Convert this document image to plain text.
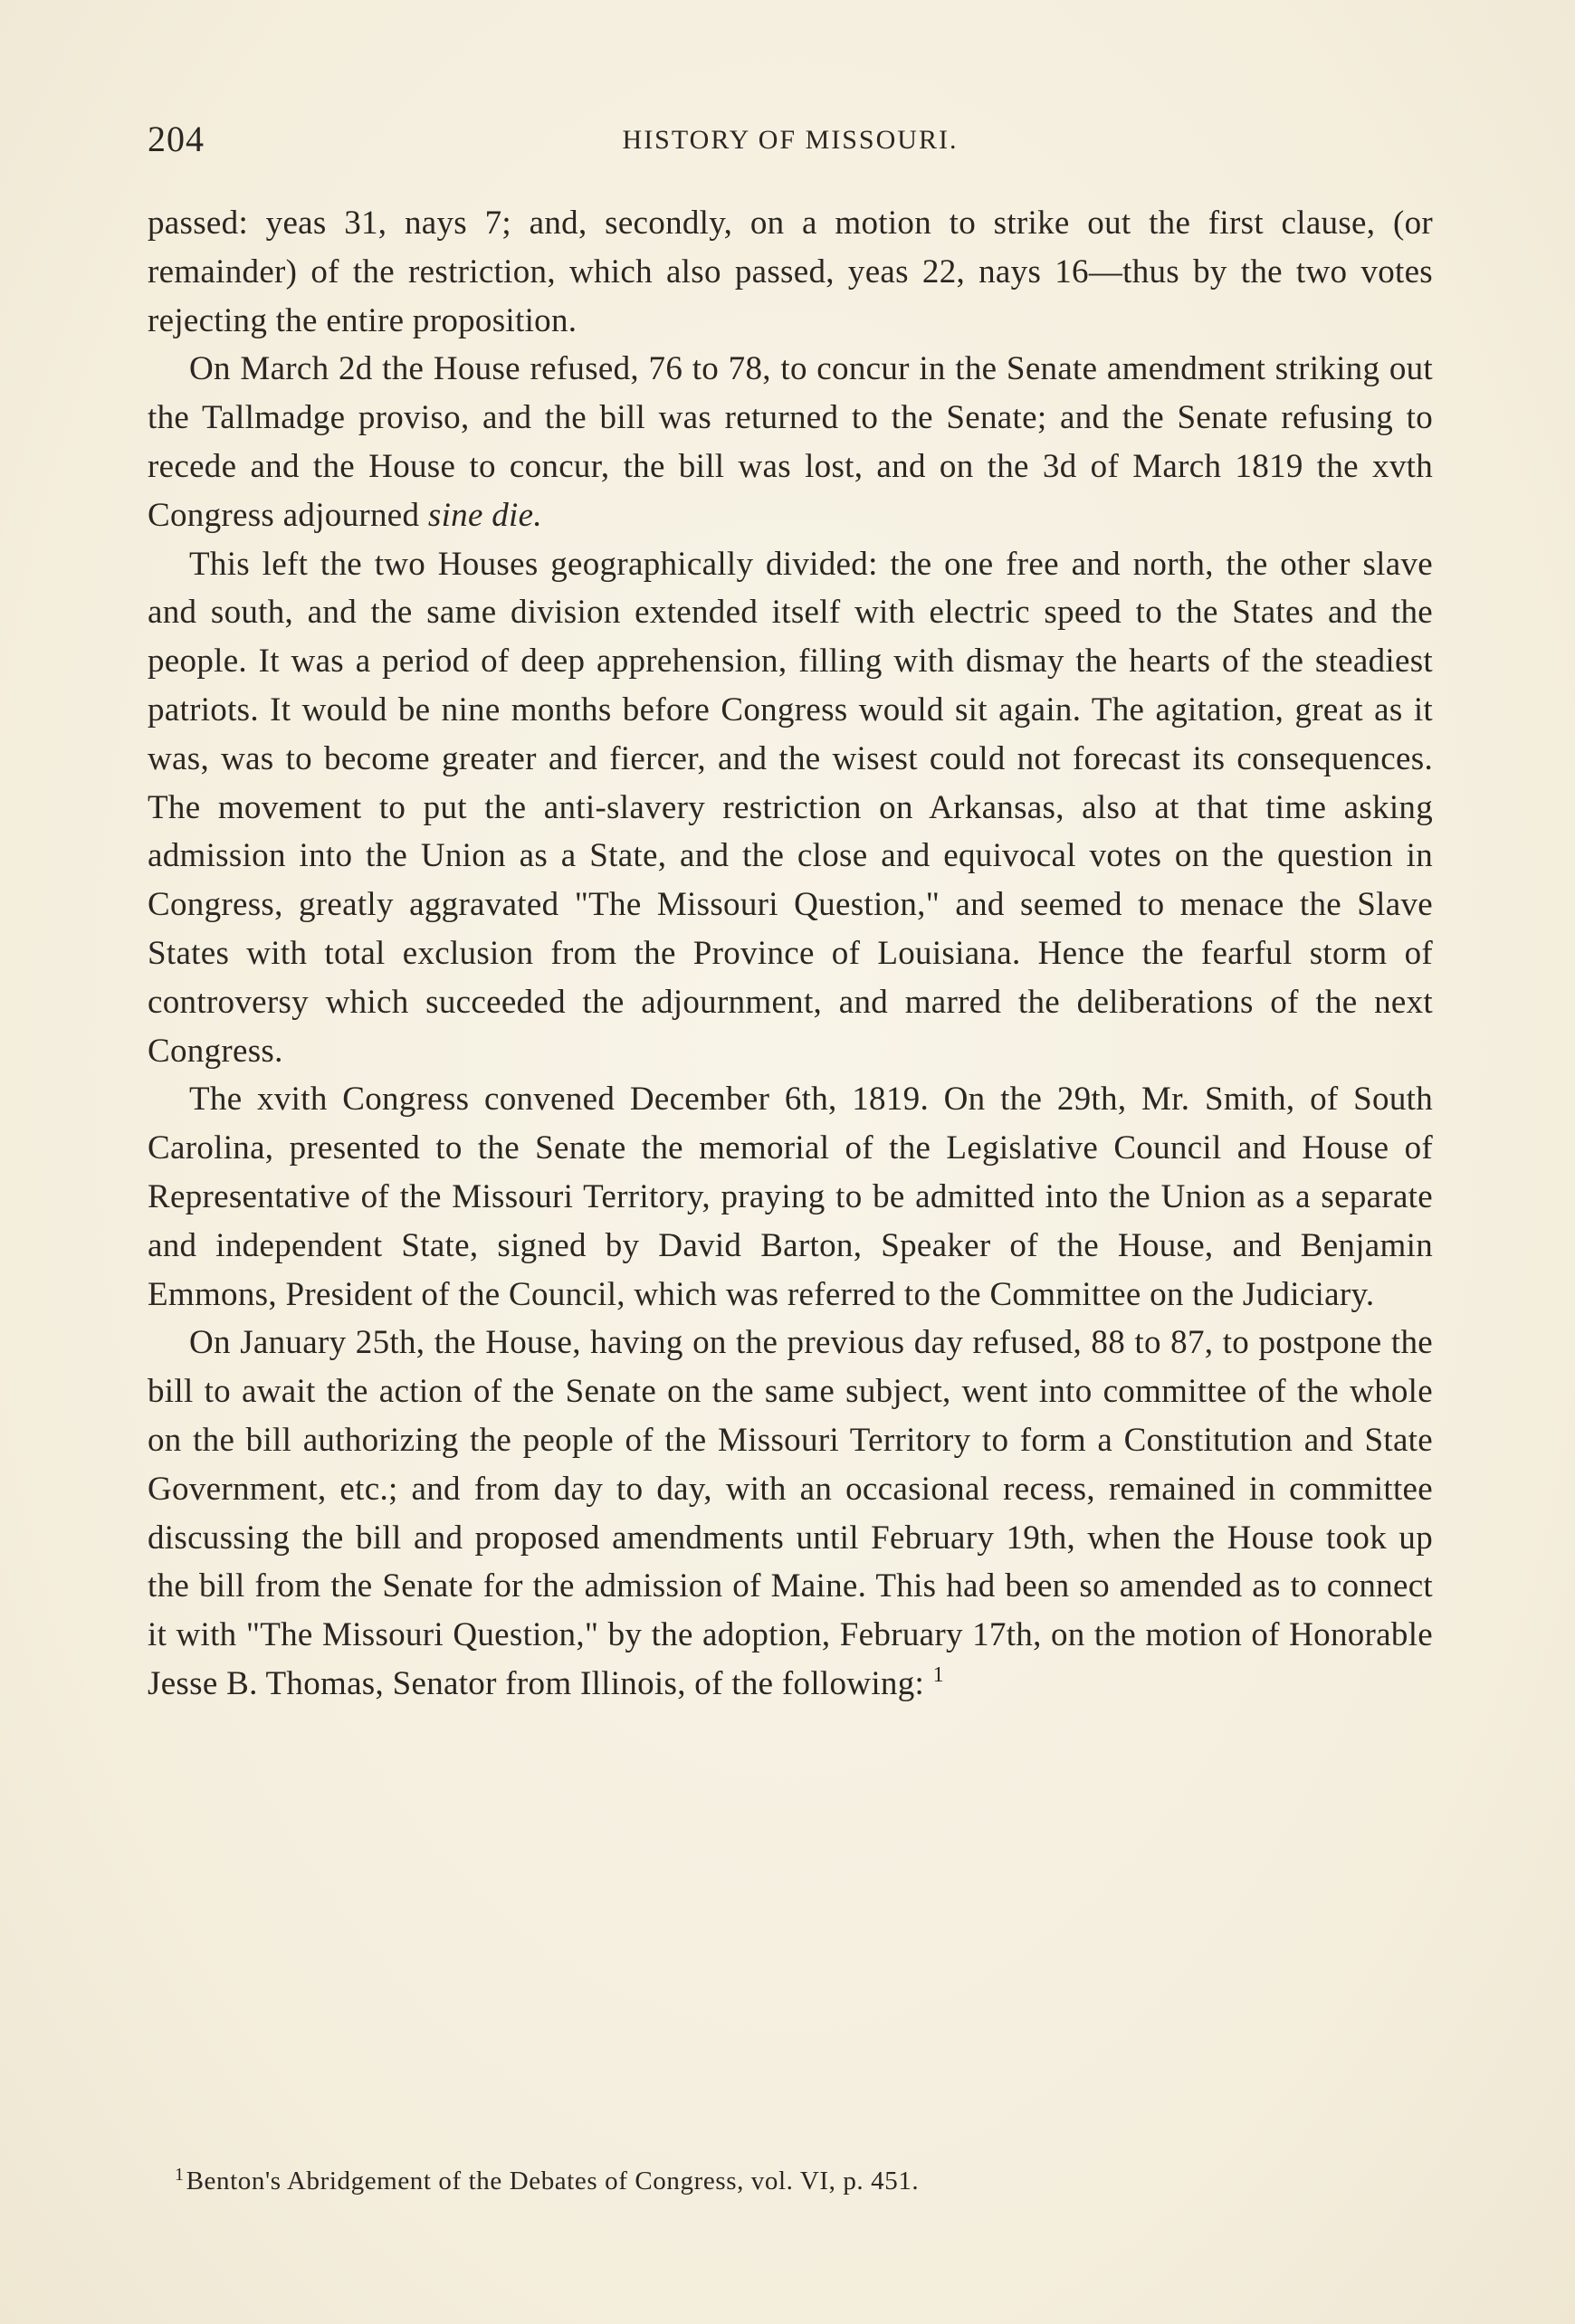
204	HISTORY OF MISSOURI.

passed: yeas 31, nays 7; and, secondly, on a motion to strike out the first clause, (or remainder) of the restriction, which also passed, yeas 22, nays 16—thus by the two votes rejecting the entire proposition.

On March 2d the House refused, 76 to 78, to concur in the Senate amendment striking out the Tallmadge proviso, and the bill was returned to the Senate; and the Senate refusing to recede and the House to concur, the bill was lost, and on the 3d of March 1819 the xvth Congress adjourned sine die.

This left the two Houses geographically divided: the one free and north, the other slave and south, and the same division extended itself with electric speed to the States and the people. It was a period of deep apprehension, filling with dismay the hearts of the steadiest patriots. It would be nine months before Congress would sit again. The agitation, great as it was, was to become greater and fiercer, and the wisest could not forecast its consequences. The movement to put the anti-slavery restriction on Arkansas, also at that time asking admission into the Union as a State, and the close and equivocal votes on the question in Congress, greatly aggravated "The Missouri Question," and seemed to menace the Slave States with total exclusion from the Province of Louisiana. Hence the fearful storm of controversy which succeeded the adjournment, and marred the deliberations of the next Congress.

The xvith Congress convened December 6th, 1819. On the 29th, Mr. Smith, of South Carolina, presented to the Senate the memorial of the Legislative Council and House of Representative of the Missouri Territory, praying to be admitted into the Union as a separate and independent State, signed by David Barton, Speaker of the House, and Benjamin Emmons, President of the Council, which was referred to the Committee on the Judiciary.

On January 25th, the House, having on the previous day refused, 88 to 87, to postpone the bill to await the action of the Senate on the same subject, went into committee of the whole on the bill authorizing the people of the Missouri Territory to form a Constitution and State Government, etc.; and from day to day, with an occasional recess, remained in committee discussing the bill and proposed amendments until February 19th, when the House took up the bill from the Senate for the admission of Maine. This had been so amended as to connect it with "The Missouri Question," by the adoption, February 17th, on the motion of Honorable Jesse B. Thomas, Senator from Illinois, of the following: $^1$

$^1$Benton's Abridgement of the Debates of Congress, vol. VI, p. 451.
